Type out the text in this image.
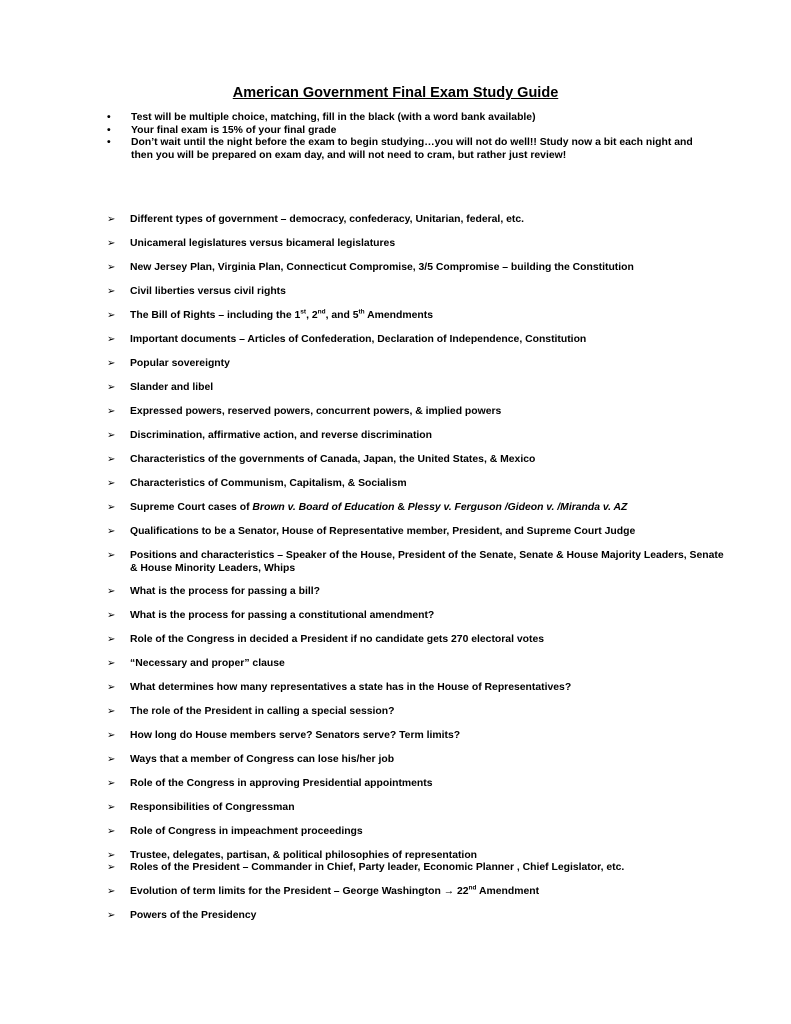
American Government Final Exam Study Guide
• Test will be multiple choice, matching, fill in the black (with a word bank available)
• Your final exam is 15% of your final grade
• Don’t wait until the night before the exam to begin studying…you will not do well!! Study now a bit each night and then you will be prepared on exam day, and will not need to cram, but rather just review!
➢ Different types of government – democracy, confederacy, Unitarian, federal, etc.
➢ Unicameral legislatures versus bicameral legislatures
➢ New Jersey Plan, Virginia Plan, Connecticut Compromise, 3/5 Compromise – building the Constitution
➢ Civil liberties versus civil rights
➢ The Bill of Rights – including the 1st, 2nd, and 5th Amendments
➢ Important documents – Articles of Confederation, Declaration of Independence, Constitution
➢ Popular sovereignty
➢ Slander and libel
➢ Expressed powers, reserved powers, concurrent powers, & implied powers
➢ Discrimination, affirmative action, and reverse discrimination
➢ Characteristics of the governments of Canada, Japan, the United States, & Mexico
➢ Characteristics of Communism, Capitalism, & Socialism
➢ Supreme Court cases of Brown v. Board of Education & Plessy v. Ferguson /Gideon v. /Miranda v. AZ
➢ Qualifications to be a Senator, House of Representative member, President, and Supreme Court Judge
➢ Positions and characteristics – Speaker of the House, President of the Senate, Senate & House Majority Leaders, Senate & House Minority Leaders, Whips
➢ What is the process for passing a bill?
➢ What is the process for passing a constitutional amendment?
➢ Role of the Congress in decided a President if no candidate gets 270 electoral votes
➢ “Necessary and proper” clause
➢ What determines how many representatives a state has in the House of Representatives?
➢ The role of the President in calling a special session?
➢ How long do House members serve? Senators serve? Term limits?
➢ Ways that a member of Congress can lose his/her job
➢ Role of the Congress in approving Presidential appointments
➢ Responsibilities of Congressman
➢ Role of Congress in impeachment proceedings
➢ Trustee, delegates, partisan, & political philosophies of representation
➢ Roles of the President – Commander in Chief, Party leader, Economic Planner , Chief Legislator, etc.
➢ Evolution of term limits for the President – George Washington → 22nd Amendment
➢ Powers of the Presidency
